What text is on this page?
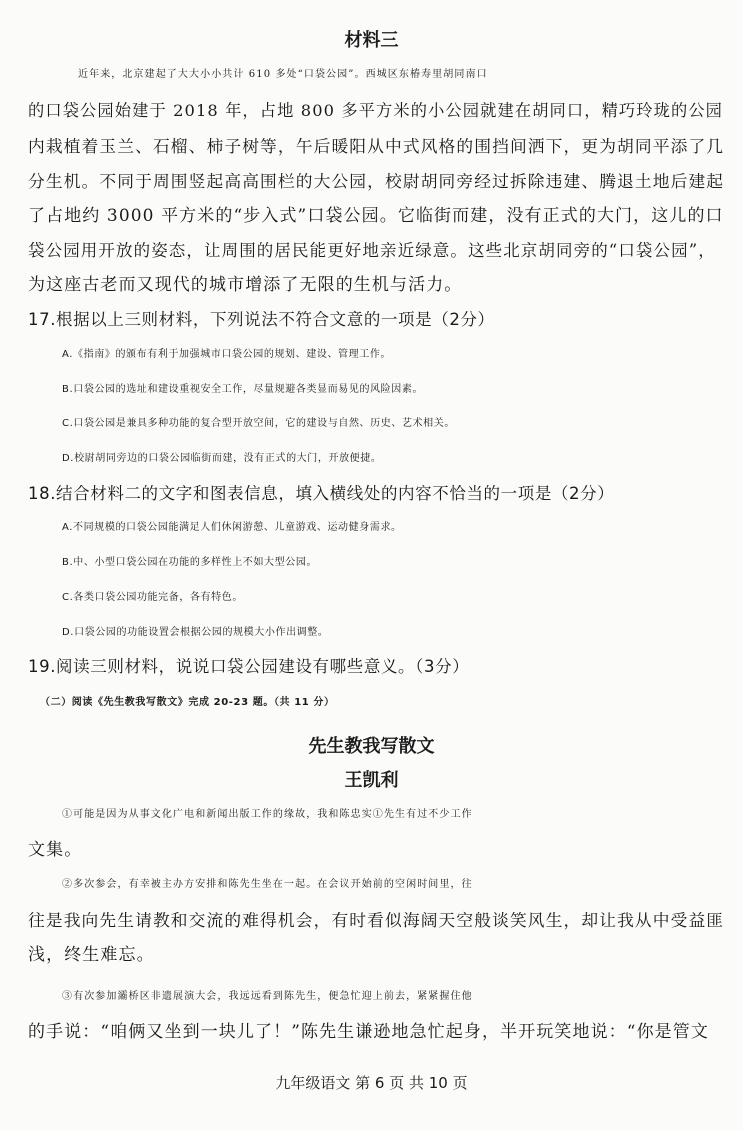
材料三
近年来，北京建起了大大小小共计 610 多处“口袋公园”。西城区东椿寿里胡同南口
的口袋公园始建于 2018 年，占地 800 多平方米的小公园就建在胡同口，精巧玲珑的公园
内栽植着玉兰、石榴、柿子树等，午后暖阳从中式风格的围挡间洒下，更为胡同平添了几
分生机。不同于周围竖起高高围栏的大公园，校尉胡同旁经过拆除违建、腾退土地后建起
了占地约 3000 平方米的“步入式”口袋公园。它临街而建，没有正式的大门，这儿的口
袋公园用开放的姿态，让周围的居民能更好地亲近绿意。这些北京胡同旁的“口袋公园”，
为这座古老而又现代的城市增添了无限的生机与活力。
17.根据以上三则材料，下列说法不符合文意的一项是（2分）
A.《指南》的颁布有利于加强城市口袋公园的规划、建设、管理工作。
B.口袋公园的选址和建设重视安全工作，尽量规避各类显而易见的风险因素。
C.口袋公园是兼具多种功能的复合型开放空间，它的建设与自然、历史、艺术相关。
D.校尉胡同旁边的口袋公园临街而建，没有正式的大门，开放便捷。
18.结合材料二的文字和图表信息，填入横线处的内容不恰当的一项是（2分）
A.不同规模的口袋公园能满足人们休闲游憩、儿童游戏、运动健身需求。
B.中、小型口袋公园在功能的多样性上不如大型公园。
C.各类口袋公园功能完备，各有特色。
D.口袋公园的功能设置会根据公园的规模大小作出调整。
19.阅读三则材料，说说口袋公园建设有哪些意义。（3分）
（二）阅读《先生教我写散文》完成 20-23 题。（共 11 分）
先生教我写散文
王凯利
①可能是因为从事文化广电和新闻出版工作的缘故，我和陈忠实①先生有过不少工作
文集。
②多次参会，有幸被主办方安排和陈先生坐在一起。在会议开始前的空闲时间里，往
往是我向先生请教和交流的难得机会，有时看似海阔天空般谈笑风生，却让我从中受益匪
浅，终生难忘。
③有次参加灞桥区非遗展演大会，我远远看到陈先生，便急忙迎上前去，紧紧握住他
的手说：“咱俩又坐到一块儿了！”陈先生谦逊地急忙起身，半开玩笑地说：“你是管文
九年级语文 第 6 页 共 10 页
